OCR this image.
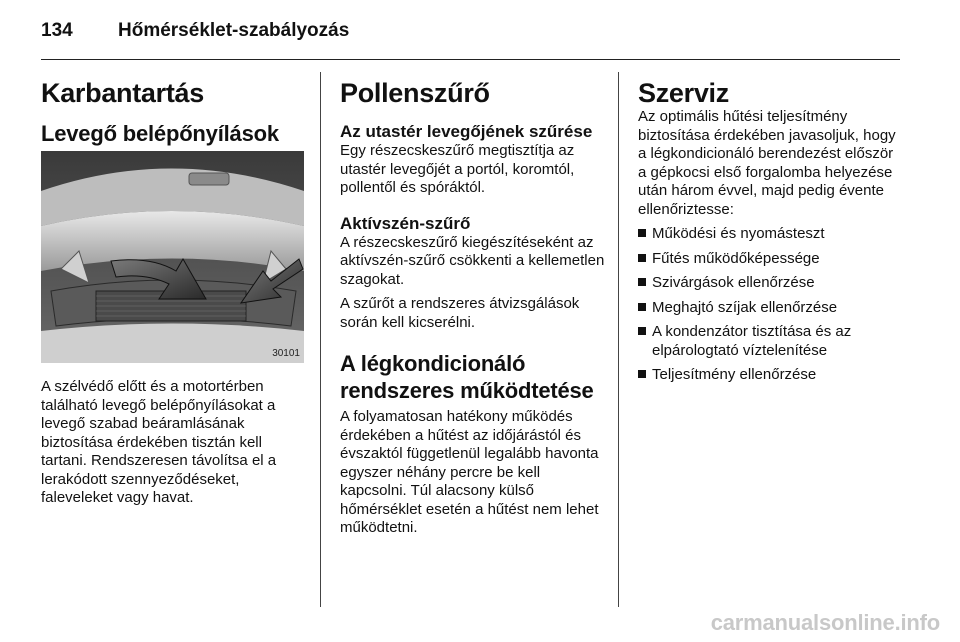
134 Hőmérséklet-szabályozás
Karbantartás
Levegő belépőnyílások
30101

A szélvédő előtt és a motortérben található levegő belépőnyílásokat a levegő szabad beáramlásának biztosítása érdekében tisztán kell tartani. Rendszeresen távolítsa el a lerakódott szennyeződéseket, faleveleket vagy havat.

Pollenszűrő
Az utastér levegőjének szűrése

Egy részecskeszűrő megtisztítja az utastér levegőjét a portól, koromtól, pollentől és spóráktól.

Aktívszén-szűrő

A részecskeszűrő kiegészítéseként az aktívszén-szűrő csökkenti a kellemetlen szagokat.

A szűrőt a rendszeres átvizsgálások során kell kicserélni.

A légkondicionáló
rendszeres működtetése

A folyamatosan hatékony működés érdekében a hűtést az időjárástól és évszaktól függetlenül legalább havonta egyszer néhány percre be kell kapcsolni. Túl alacsony külső hőmérséklet esetén a hűtést nem lehet működtetni.

Szerviz

Az optimális hűtési teljesítmény biztosítása érdekében javasoljuk, hogy a légkondicionáló berendezést először a gépkocsi első forgalomba helyezése után három évvel, majd pedig évente ellenőriztesse:

Működési és nyomásteszt
Fűtés működőképessége
Szivárgások ellenőrzése
Meghajtó szíjak ellenőrzése
A kondenzátor tisztítása és az elpárologtató víztelenítése
Teljesítmény ellenőrzése
carmanualsonline.info
